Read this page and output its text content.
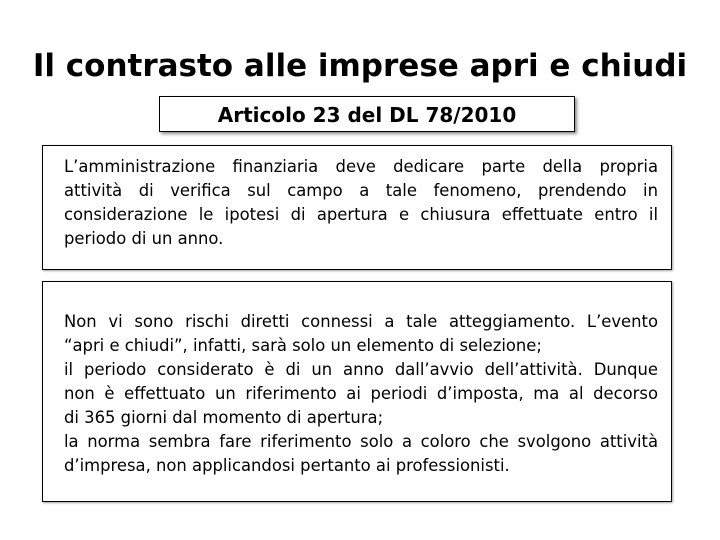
Il contrasto alle imprese apri e chiudi
Articolo 23 del DL 78/2010

L’amministrazione finanziaria deve dedicare parte della propria
attività di verifica sul campo a tale fenomeno, prendendo in
considerazione le ipotesi di apertura e chiusura effettuate entro il
periodo di un anno.

Non vi sono rischi diretti connessi a tale atteggiamento. L’evento
“apri e chiudi”, infatti, sarà solo un elemento di selezione;
il periodo considerato è di un anno dall’avvio dell’attività. Dunque
non è effettuato un riferimento ai periodi d’imposta, ma al decorso
di 365 giorni dal momento di apertura;
la norma sembra fare riferimento solo a coloro che svolgono attività
d’impresa, non applicandosi pertanto ai professionisti.
